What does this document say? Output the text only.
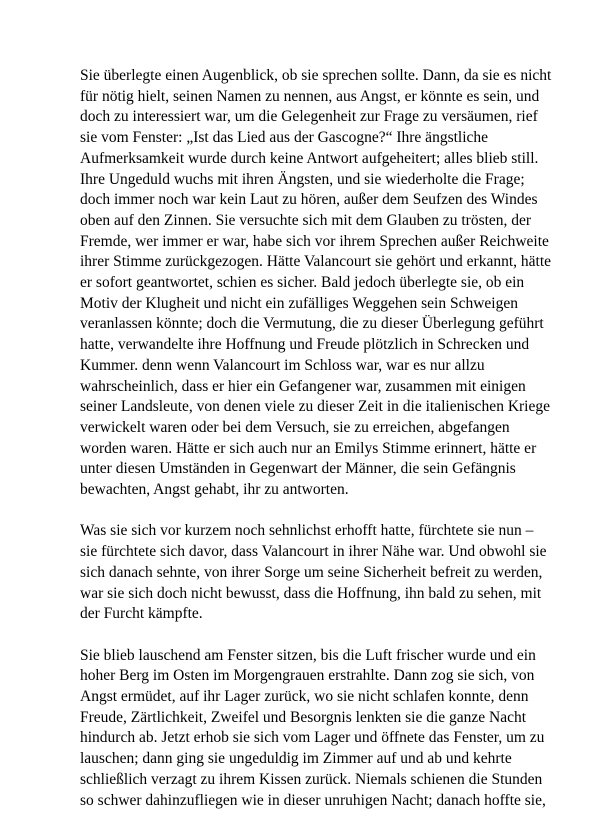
Sie überlegte einen Augenblick, ob sie sprechen sollte. Dann, da sie es nicht
für nötig hielt, seinen Namen zu nennen, aus Angst, er könnte es sein, und
doch zu interessiert war, um die Gelegenheit zur Frage zu versäumen, rief
sie vom Fenster: „Ist das Lied aus der Gascogne?“ Ihre ängstliche
Aufmerksamkeit wurde durch keine Antwort aufgeheitert; alles blieb still.
Ihre Ungeduld wuchs mit ihren Ängsten, und sie wiederholte die Frage;
doch immer noch war kein Laut zu hören, außer dem Seufzen des Windes
oben auf den Zinnen. Sie versuchte sich mit dem Glauben zu trösten, der
Fremde, wer immer er war, habe sich vor ihrem Sprechen außer Reichweite
ihrer Stimme zurückgezogen. Hätte Valancourt sie gehört und erkannt, hätte
er sofort geantwortet, schien es sicher. Bald jedoch überlegte sie, ob ein
Motiv der Klugheit und nicht ein zufälliges Weggehen sein Schweigen
veranlassen könnte; doch die Vermutung, die zu dieser Überlegung geführt
hatte, verwandelte ihre Hoffnung und Freude plötzlich in Schrecken und
Kummer. denn wenn Valancourt im Schloss war, war es nur allzu
wahrscheinlich, dass er hier ein Gefangener war, zusammen mit einigen
seiner Landsleute, von denen viele zu dieser Zeit in die italienischen Kriege
verwickelt waren oder bei dem Versuch, sie zu erreichen, abgefangen
worden waren. Hätte er sich auch nur an Emilys Stimme erinnert, hätte er
unter diesen Umständen in Gegenwart der Männer, die sein Gefängnis
bewachten, Angst gehabt, ihr zu antworten.
Was sie sich vor kurzem noch sehnlichst erhofft hatte, fürchtete sie nun –
sie fürchtete sich davor, dass Valancourt in ihrer Nähe war. Und obwohl sie
sich danach sehnte, von ihrer Sorge um seine Sicherheit befreit zu werden,
war sie sich doch nicht bewusst, dass die Hoffnung, ihn bald zu sehen, mit
der Furcht kämpfte.
Sie blieb lauschend am Fenster sitzen, bis die Luft frischer wurde und ein
hoher Berg im Osten im Morgengrauen erstrahlte. Dann zog sie sich, von
Angst ermüdet, auf ihr Lager zurück, wo sie nicht schlafen konnte, denn
Freude, Zärtlichkeit, Zweifel und Besorgnis lenkten sie die ganze Nacht
hindurch ab. Jetzt erhob sie sich vom Lager und öffnete das Fenster, um zu
lauschen; dann ging sie ungeduldig im Zimmer auf und ab und kehrte
schließlich verzagt zu ihrem Kissen zurück. Niemals schienen die Stunden
so schwer dahinzufliegen wie in dieser unruhigen Nacht; danach hoffte sie,
